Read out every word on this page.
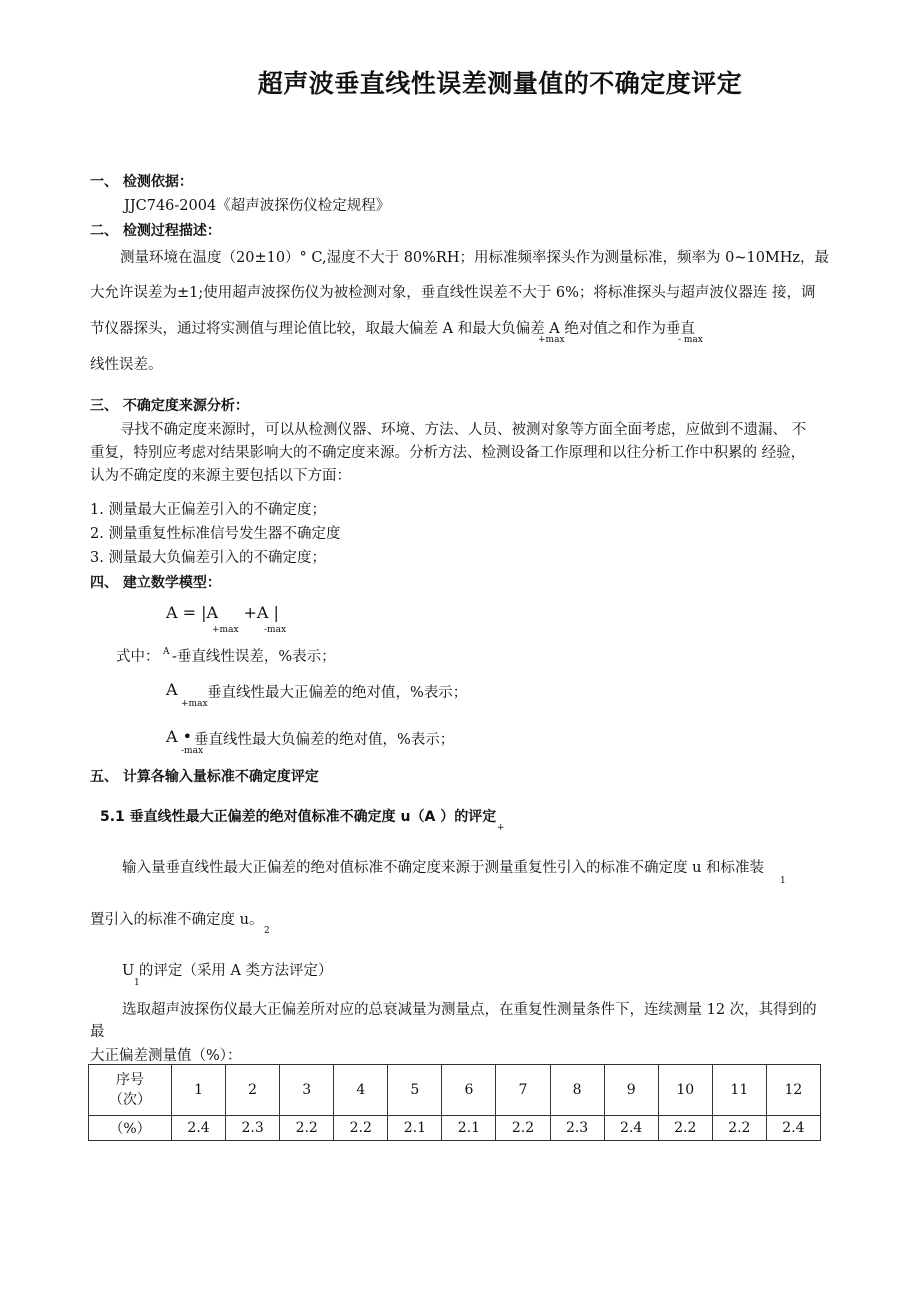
超声波垂直线性误差测量值的不确定度评定
一、 检测依据：
JJC746-2004《超声波探伤仪检定规程》
二、 检测过程描述：
测量环境在温度（20±10）° C,湿度不大于 80%RH；用标准频率探头作为测量标准，频率为 0~10MHz，最
大允许误差为±1;使用超声波探伤仪为被检测对象，垂直线性误差不大于 6%；将标准探头与超声波仪器连 接，调
节仪器探头，通过将实测值与理论值比较，取最大偏差 A 和最大负偏差 A 绝对值之和作为垂直
+max	- max
线性误差。
三、 不确定度来源分析：
寻找不确定度来源时，可以从检测仪器、环境、方法、人员、被测对象等方面全面考虑，应做到不遗漏、 不
重复，特别应考虑对结果影响大的不确定度来源。分析方法、检测设备工作原理和以往分析工作中积累的 经验，
认为不确定度的来源主要包括以下方面：
1. 测量最大正偏差引入的不确定度；
2. 测量重复性标准信号发生器不确定度
3. 测量最大负偏差引入的不确定度；
四、 建立数学模型：
A = |A     +A |
+max	-max
式中： A -垂直线性误差，%表示；
A
+max
垂直线性最大正偏差的绝对值，%表示；
A •
-max
垂直线性最大负偏差的绝对值，%表示；
五、 计算各输入量标准不确定度评定
5.1 垂直线性最大正偏差的绝对值标准不确定度 u（A ）的评定
+
输入量垂直线性最大正偏差的绝对值标准不确定度来源于测量重复性引入的标准不确定度 u 和标准装
1
置引入的标准不确定度 u。
2
U 的评定（采用 A 类方法评定）
1
选取超声波探伤仪最大正偏差所对应的总衰减量为测量点，在重复性测量条件下，连续测量 12 次，其得到的
最
大正偏差测量值（%）：
序号
（次）	1	2	3	4	5	6	7	8	9	10	11	12
（%）	2.4	2.3	2.2	2.2	2.1	2.1	2.2	2.3	2.4	2.2	2.2	2.4
